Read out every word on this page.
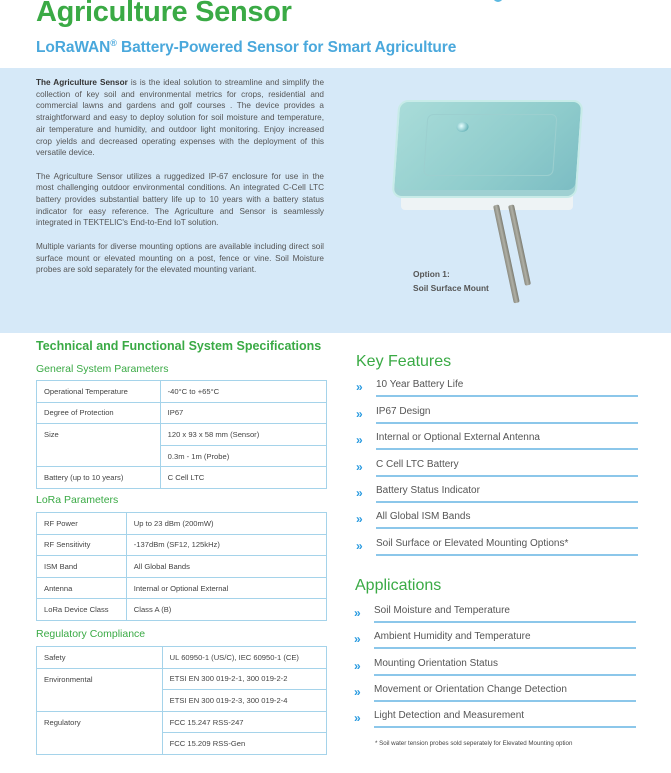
Agriculture Sensor
LoRaWAN® Battery-Powered Sensor for Smart Agriculture

The Agriculture Sensor is is the ideal solution to streamline and simplify the collection of key soil and environmental metrics for crops, residential and commercial lawns and gardens and golf courses . The device provides a straightforward and easy to deploy solution for soil moisture and temperature, air temperature and humidity, and outdoor light monitoring. Enjoy increased crop yields and decreased operating expenses with the deployment of this versatile device.

The Agriculture Sensor utilizes a ruggedized IP-67 enclosure for use in the most challenging outdoor environmental conditions. An integrated C-Cell LTC battery provides substantial battery life up to 10 years with a battery status indicator for easy reference. The Agriculture and Sensor is seamlessly integrated in TEKTELIC's End-to-End IoT solution.

Multiple variants for diverse mounting options are available including direct soil surface mount or elevated mounting on a post, fence or vine. Soil Moisture probes are sold separately for the elevated mounting variant.	Option 1:
Soil Surface Mount
Technical and Functional System Specifications
General System Parameters
Operational Temperature	-40°C to +65°C
Degree of Protection	IP67
Size	120 x 93 x 58 mm (Sensor)
	0.3m - 1m (Probe)
Battery (up to 10 years)	C Cell LTC
LoRa Parameters
RF Power	Up to 23 dBm (200mW)
RF Sensitivity	-137dBm (SF12, 125kHz)
ISM Band	All Global Bands
Antenna	Internal or Optional External
LoRa Device Class	Class A (B)
Regulatory Compliance
Safety	UL 60950-1 (US/C), IEC 60950-1 (CE)
Environmental	ETSI EN 300 019-2-1, 300 019-2-2
	ETSI EN 300 019-2-3, 300 019-2-4
Regulatory	FCC 15.247 RSS-247
	FCC 15.209 RSS-Gen
Key Features
» 10 Year Battery Life
» IP67 Design
» Internal or Optional External Antenna
» C Cell LTC Battery
» Battery Status Indicator
» All Global ISM Bands
» Soil Surface or Elevated Mounting Options*
Applications
» Soil Moisture and Temperature
» Ambient Humidity and Temperature
» Mounting Orientation Status
» Movement or Orientation Change Detection
» Light Detection and Measurement
* Soil water tension probes sold seperately for Elevated Mounting option
